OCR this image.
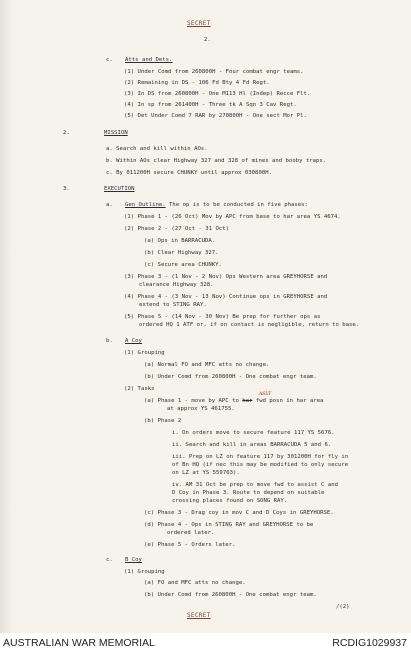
SECRET
2.
c. Atts and Dets.
(1) Under Comd from 260800H - Four combat engr teams.
(2) Remaining in DS - 106 Fd Bty 4 Fd Regt.
(3) In DS from 260800H - One M113 Hl (Indep) Recce Flt.
(4) In sp from 261400H - Three tk A Sqn 3 Cav Regt.
(5) Det Under Comd 7 RAR by 270800H - One sect Mor Pl.
2.	MISSION
a. Search and kill within AOs.
b. Within AOs clear Highway 327 and 328 of mines and booby traps.
c. By 011200H secure CHUNKY until approx 030800H.
3.	EXECUTION
a. Gen Outline. The op is to be conducted in five phases:
(1) Phase 1 - (26 Oct) Mov by APC from base to har area YS 4674.
(2) Phase 2 - (27 Oct - 31 Oct)
(a) Ops in BARRACUDA.
(b) Clear Highway 327.
(c) Secure area CHUNKY.
(3) Phase 3 - (1 Nov - 2 Nov) Ops Western area GREYHORSE and
clearance Highway 328.
(4) Phase 4 - (3 Nov - 13 Nov) Continue ops in GREYHORSE and
extend to STING RAY.
(5) Phase 5 - (14 Nov - 30 Nov) Be prep for further ops as
ordered HQ 1 ATF or, if on contact is negligible, return to base.
b. A Coy
(1) Grouping
(a) Normal FO and MFC atts no change.
(b) Under Comd from 260800H - One combat engr team.
(2) Tasks
ASLT
(a) Phase 1 - move by APC to har fwd posn in har area
at approx YS 461755.
(b) Phase 2
i. On orders move to secure feature 117 YS 5676.
ii. Search and kill in areas BARRACUDA 5 and 6.
iii. Prep on LZ on feature 117 by 301200H for fly in
of Bn HQ (if nec this may be modified to only secure
on LZ at YS 559763).
iv. AM 31 Oct be prep to move fwd to assist C and
D Coy in Phase 3. Route to depend on suitable
crossing places found on SONG RAY.
(c) Phase 3 - Drag coy in mov C and D Coys in GREYHORSE.
(d) Phase 4 - Ops in STING RAY and GREYHORSE to be
ordered later.
(e) Phase 5 - Orders later.
c. B Coy
(1) Grouping
(a) FO and MFC atts no change.
(b) Under Comd from 260800H - One combat engr team.
/(2)
SECRET
AUSTRALIAN WAR MEMORIAL	RCDIG1029937
